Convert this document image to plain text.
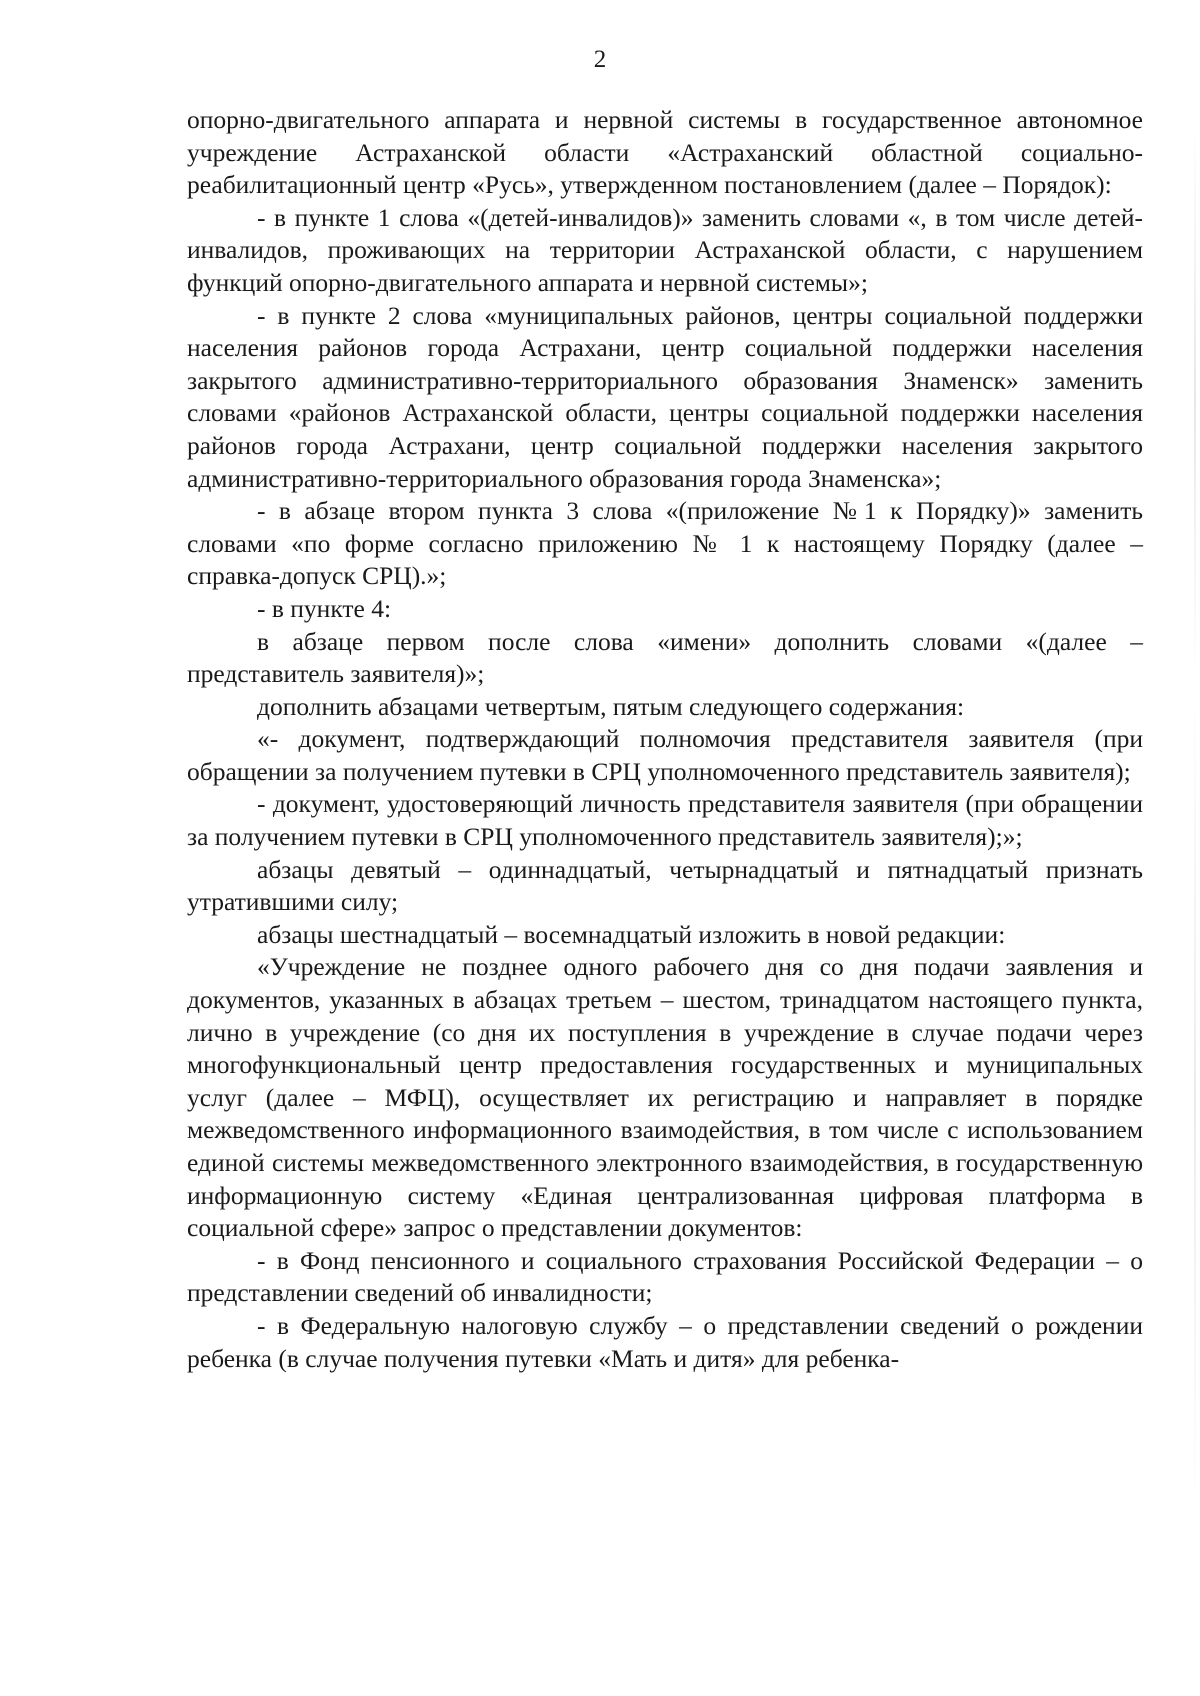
2

опорно-двигательного аппарата и нервной системы в государственное автономное учреждение Астраханской области «Астраханский областной социально-реабилитационный центр «Русь», утвержденном постановлением (далее – Порядок):

- в пункте 1 слова «(детей-инвалидов)» заменить словами «, в том числе детей-инвалидов, проживающих на территории Астраханской области, с нарушением функций опорно-двигательного аппарата и нервной системы»;

- в пункте 2 слова «муниципальных районов, центры социальной поддержки населения районов города Астрахани, центр социальной поддержки населения закрытого административно-территориального образования Знаменск» заменить словами «районов Астраханской области, центры социальной поддержки населения районов города Астрахани, центр социальной поддержки населения закрытого административно-территориального образования города Знаменска»;

- в абзаце втором пункта 3 слова «(приложение №1 к Порядку)» заменить словами «по форме согласно приложению № 1 к настоящему Порядку (далее – справка-допуск СРЦ).»;

- в пункте 4:

в абзаце первом после слова «имени» дополнить словами «(далее – представитель заявителя)»;

дополнить абзацами четвертым, пятым следующего содержания:

«- документ, подтверждающий полномочия представителя заявителя (при обращении за получением путевки в СРЦ уполномоченного представитель заявителя);

- документ, удостоверяющий личность представителя заявителя (при обращении за получением путевки в СРЦ уполномоченного представитель заявителя);»;

абзацы девятый – одиннадцатый, четырнадцатый и пятнадцатый признать утратившими силу;

абзацы шестнадцатый – восемнадцатый изложить в новой редакции:

«Учреждение не позднее одного рабочего дня со дня подачи заявления и документов, указанных в абзацах третьем – шестом, тринадцатом настоящего пункта, лично в учреждение (со дня их поступления в учреждение в случае подачи через многофункциональный центр предоставления государственных и муниципальных услуг (далее – МФЦ), осуществляет их регистрацию и направляет в порядке межведомственного информационного взаимодействия, в том числе с использованием единой системы межведомственного электронного взаимодействия, в государственную информационную систему «Единая централизованная цифровая платформа в социальной сфере» запрос о представлении документов:

- в Фонд пенсионного и социального страхования Российской Федерации – о представлении сведений об инвалидности;

- в Федеральную налоговую службу – о представлении сведений о рождении ребенка (в случае получения путевки «Мать и дитя» для ребенка-
